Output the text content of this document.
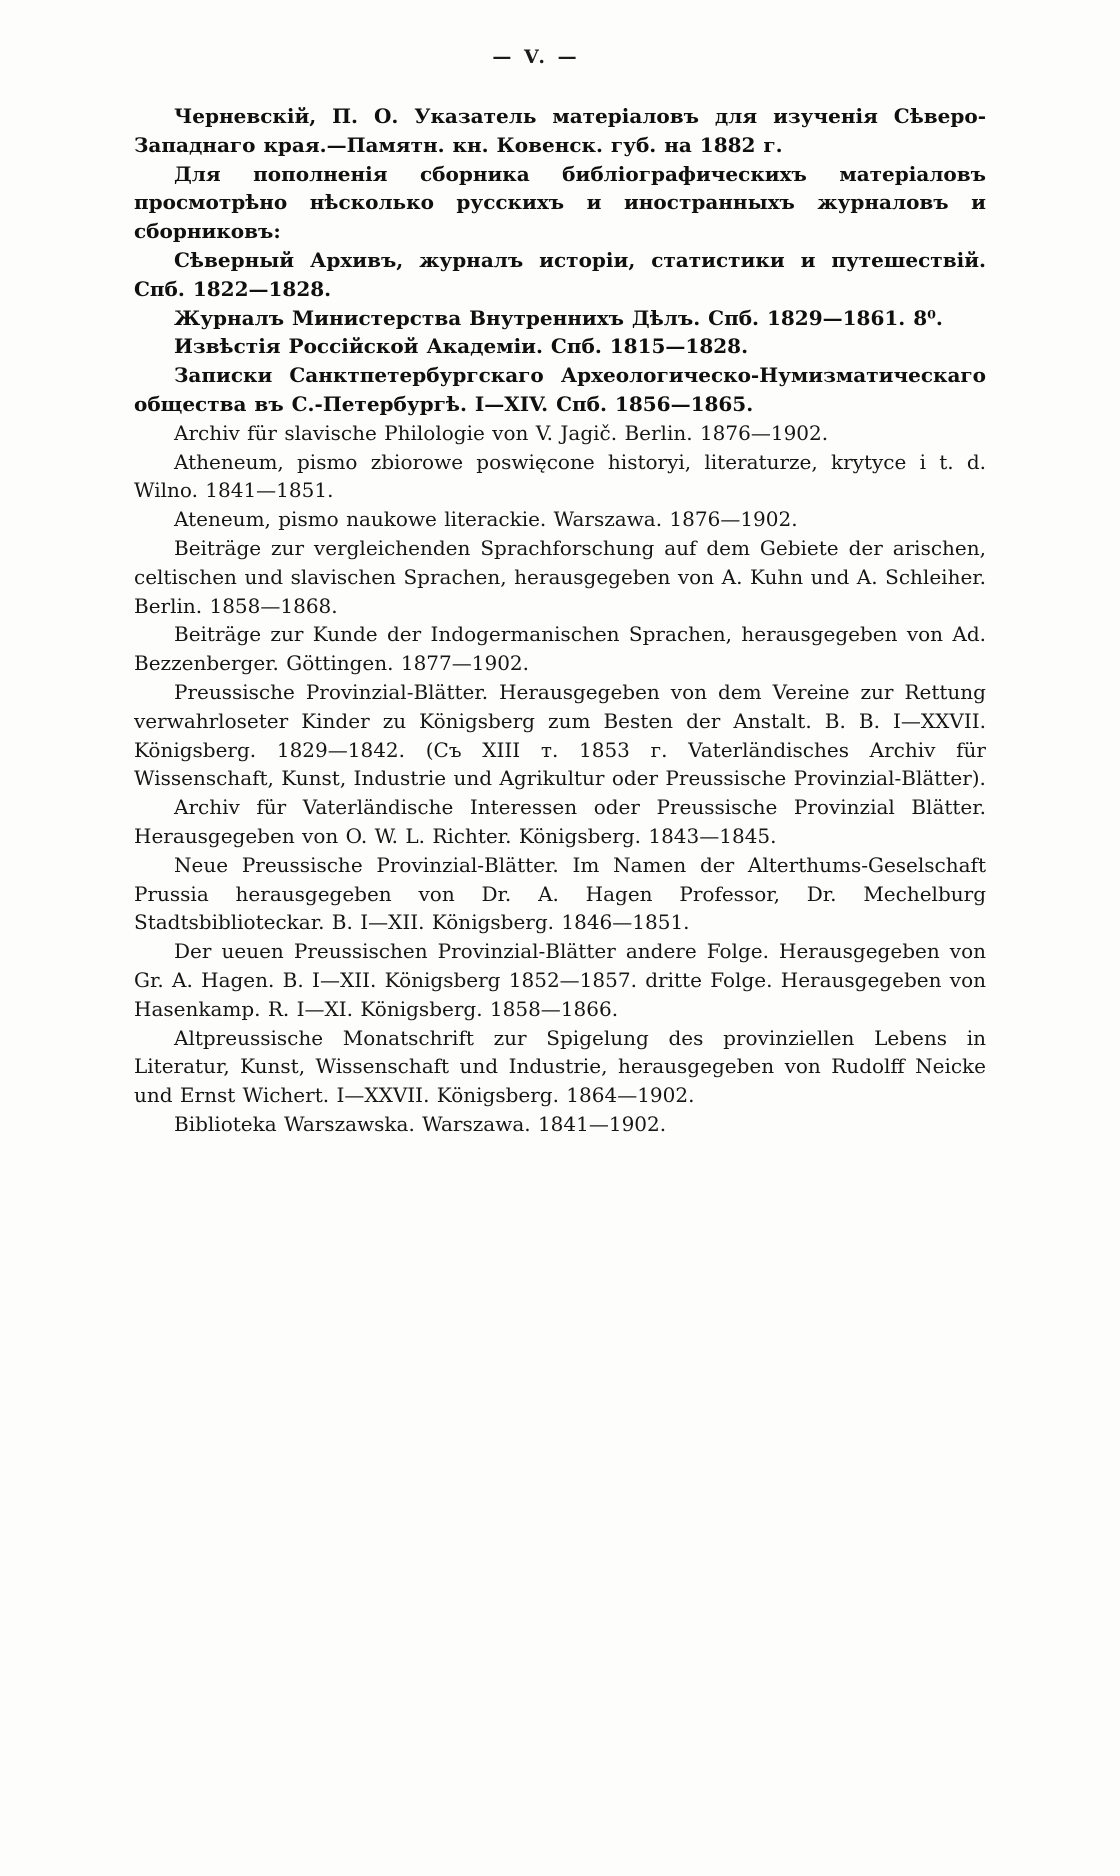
— V. —

Черневскій, П. О. Указатель матеріаловъ для изученія Сѣверо-Западнаго края.—Памятн. кн. Ковенск. губ. на 1882 г.

Для пополненія сборника библіографическихъ матеріаловъ просмотрѣно нѣсколько русскихъ и иностранныхъ журналовъ и сборниковъ:

Сѣверный Архивъ, журналъ исторіи, статистики и путешествій. Спб. 1822—1828.

Журналъ Министерства Внутреннихъ Дѣлъ. Спб. 1829—1861. 8⁰.

Извѣстія Россійской Академіи. Спб. 1815—1828.

Записки Санктпетербургскаго Археологическо-Нумизматическаго общества въ С.-Петербургѣ. I—XIV. Спб. 1856—1865.

Archiv für slavische Philologie von V. Jagič. Berlin. 1876—1902.

Atheneum, pismo zbiorowe poswięcone historyi, literaturze, krytyce i t. d. Wilno. 1841—1851.

Ateneum, pismo naukowe literackie. Warszawa. 1876—1902.

Beiträge zur vergleichenden Sprachforschung auf dem Gebiete der arischen, celtischen und slavischen Sprachen, herausgegeben von A. Kuhn und A. Schleiher. Berlin. 1858—1868.

Beiträge zur Kunde der Indogermanischen Sprachen, herausgegeben von Ad. Bezzenberger. Göttingen. 1877—1902.

Preussische Provinzial-Blätter. Herausgegeben von dem Vereine zur Rettung verwahrloseter Kinder zu Königsberg zum Besten der Anstalt. B. B. I—XXVII. Königsberg. 1829—1842. (Съ XIII т. 1853 г. Vaterländisches Archiv für Wissenschaft, Kunst, Industrie und Agrikultur oder Preussische Provinzial-Blätter).

Archiv für Vaterländische Interessen oder Preussische Provinzial Blätter. Herausgegeben von O. W. L. Richter. Königsberg. 1843—1845.

Neue Preussische Provinzial-Blätter. Im Namen der Alterthums-Geselschaft Prussia herausgegeben von Dr. A. Hagen Professor, Dr. Mechelburg Stadtsbiblioteckar. B. I—XII. Königsberg. 1846—1851.

Der ueuen Preussischen Provinzial-Blätter andere Folge. Herausgegeben von Gr. A. Hagen. B. I—XII. Königsberg 1852—1857. dritte Folge. Herausgegeben von Hasenkamp. R. I—XI. Königsberg. 1858—1866.

Altpreussische Monatschrift zur Spigelung des provinziellen Lebens in Literatur, Kunst, Wissenschaft und Industrie, herausgegeben von Rudolff Neicke und Ernst Wichert. I—XXVII. Königsberg. 1864—1902.

Biblioteka Warszawska. Warszawa. 1841—1902.
